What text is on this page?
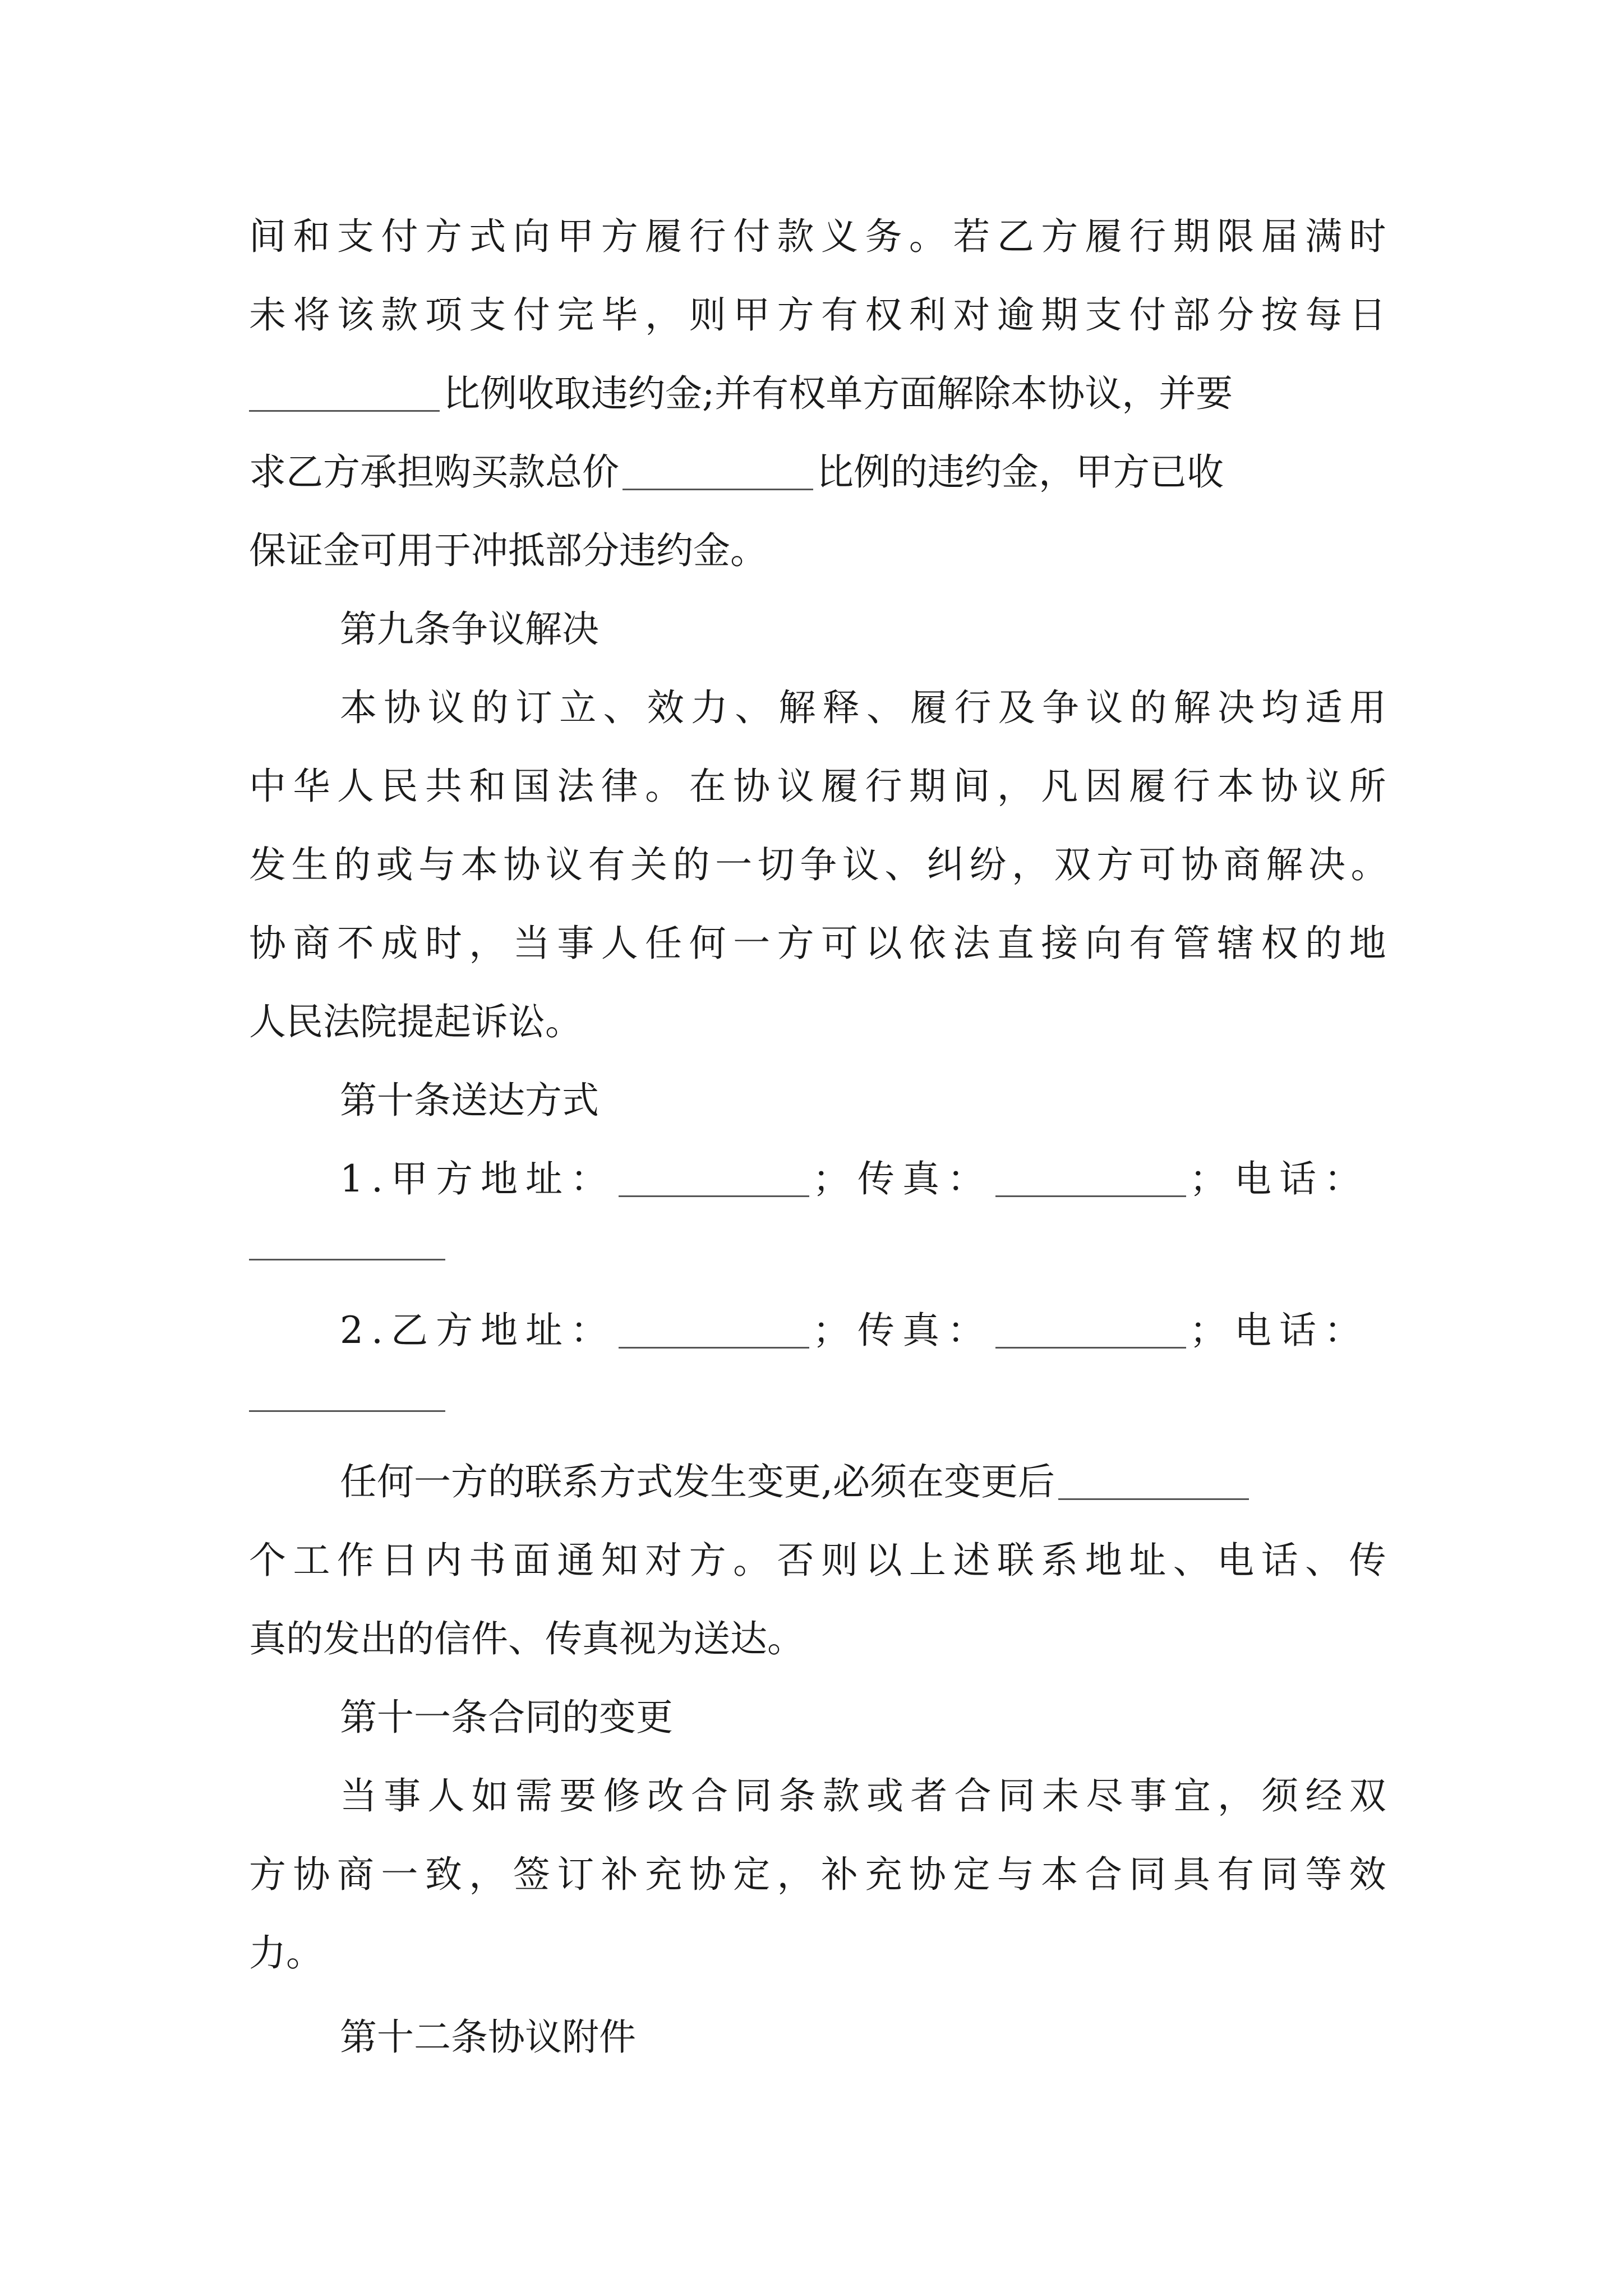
间和支付方式向甲方履行付款义务。若乙方履行期限届满时
未将该款项支付完毕，则甲方有权利对逾期支付部分按每日
比例收取违约金;并有权单方面解除本协议，并要
求乙方承担购买款总价	比例的违约金，甲方已收
保证金可用于冲抵部分违约金。
第九条争议解决
本协议的订立、效力、解释、履行及争议的解决均适用
中华人民共和国法律。在协议履行期间，凡因履行本协议所
发生的或与本协议有关的一切争议、纠纷，双方可协商解决。
协商不成时，当事人任何一方可以依法直接向有管辖权的地
人民法院提起诉讼。
第十条送达方式
1.甲方地址：	；传真：	；电话：
2.乙方地址：	；传真：	；电话：
任何一方的联系方式发生变更,必须在变更后
个工作日内书面通知对方。否则以上述联系地址、电话、传
真的发出的信件、传真视为送达。
第十一条合同的变更
当事人如需要修改合同条款或者合同未尽事宜，须经双
方协商一致，签订补充协定，补充协定与本合同具有同等效
力。
第十二条协议附件
